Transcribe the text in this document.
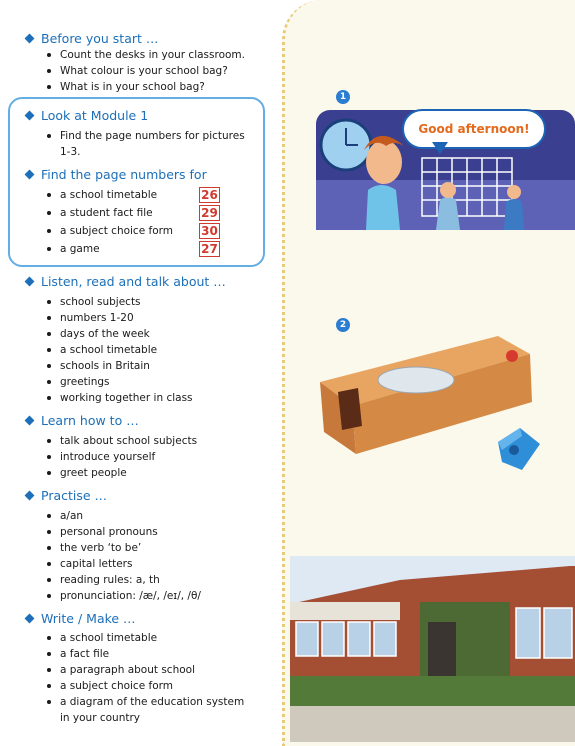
Before you start …
Count the desks in your classroom.
What colour is your school bag?
What is in your school bag?
Look at Module 1
Find the page numbers for pictures
1-3.
Find the page numbers for
a school timetable	26
a student fact file	29
a subject choice form 30
a game	27
Listen, read and talk about …
school subjects
numbers 1-20
days of the week
a school timetable
schools in Britain
greetings
working together in class
Learn how to …
talk about school subjects
introduce yourself
greet people
Practise …
a/an
personal pronouns
the verb ‘to be’
capital letters
reading rules: a, th
pronunciation: /æ/, /eɪ/, /θ/
Write / Make …
a school timetable
a fact file
a paragraph about school
a subject choice form
a diagram of the education system
in your country
1
Good afternoon!
2
